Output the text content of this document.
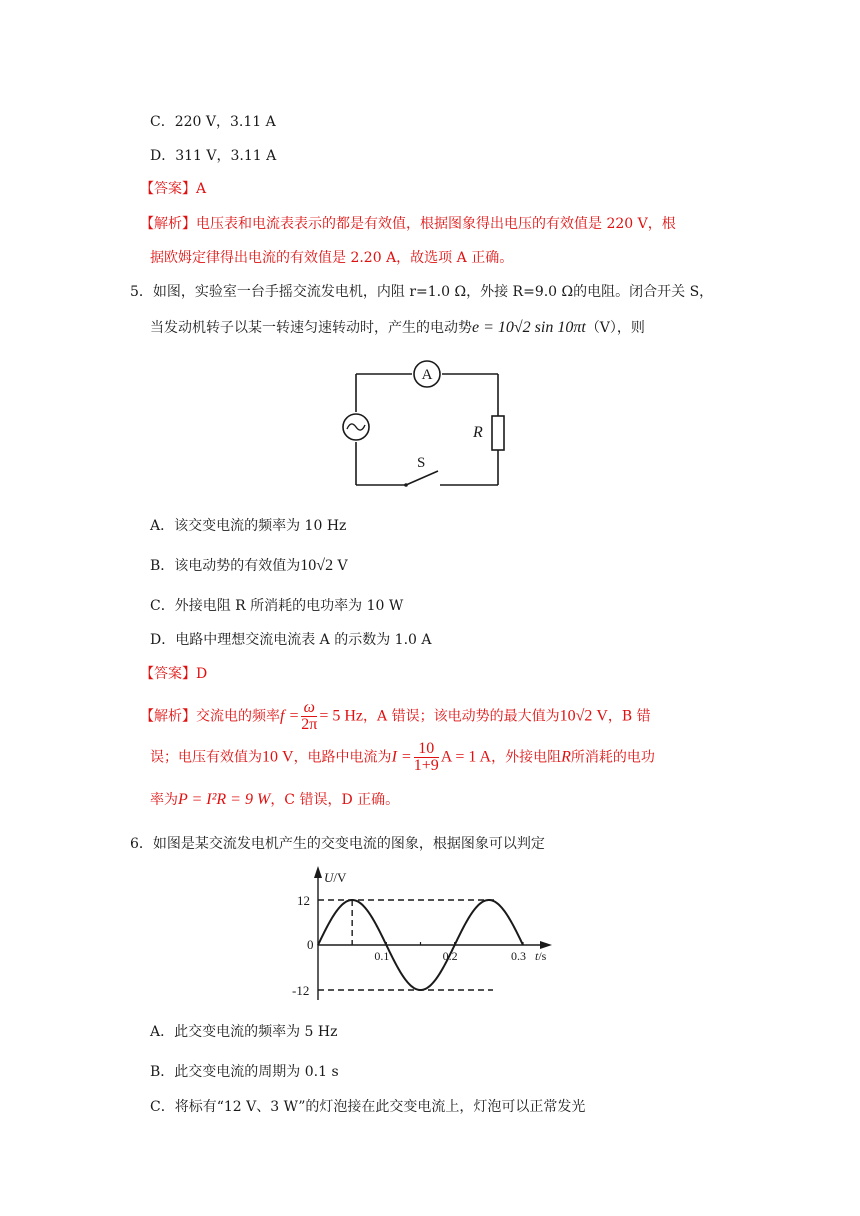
C．220 V，3.11 A
D．311 V，3.11 A
【答案】A
【解析】电压表和电流表表示的都是有效值，根据图象得出电压的有效值是 220 V，根
据欧姆定律得出电流的有效值是 2.20 A，故选项 A 正确。
5．如图，实验室一台手摇交流发电机，内阻 r=1.0 Ω，外接 R=9.0 Ω的电阻。闭合开关 S，
当发动机转子以某一转速匀速转动时，产生的电动势e = 10√2 sin 10πt（V），则
A
R
S
A．该交变电流的频率为 10 Hz
B．该电动势的有效值为10√2 V
C．外接电阻 R 所消耗的电功率为 10 W
D．电路中理想交流电流表 A 的示数为 1.0 A
【答案】D
【解析】交流电的频率$f = \frac{\omega}{2\pi} = 5$ Hz，A 错误；该电动势的最大值为10√2 V，B 错
误；电压有效值为10 V，电路中电流为$I = \frac{10}{1+9}$ A = 1 A，外接电阻R所消耗的电功
率为P = I²R = 9 W，C 错误，D 正确。
6．如图是某交流发电机产生的交变电流的图象，根据图象可以判定
U/V
t/s
12
0
-12
0.1	0.2	0.3
A．此交变电流的频率为 5 Hz
B．此交变电流的周期为 0.1 s
C．将标有“12 V、3 W”的灯泡接在此交变电流上，灯泡可以正常发光
